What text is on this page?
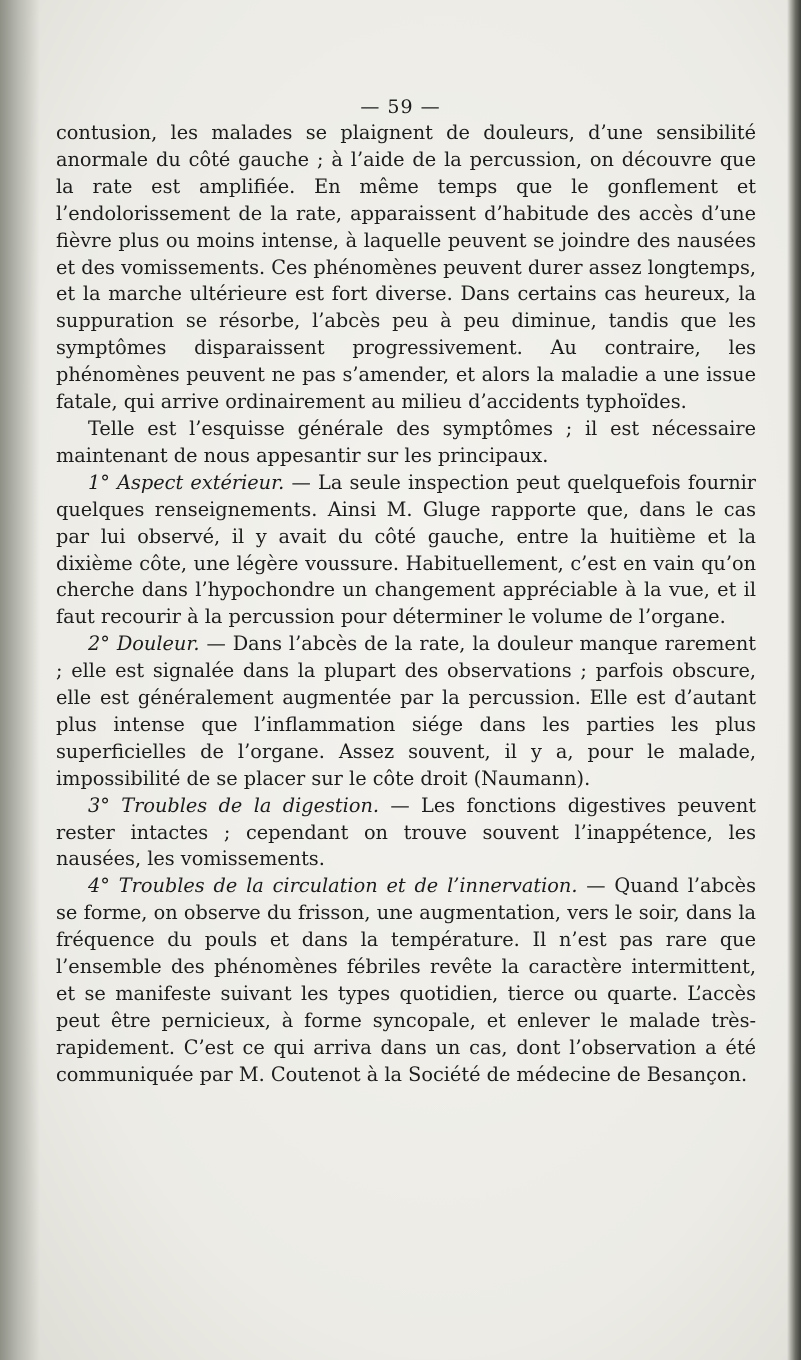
— 59 —

contusion, les malades se plaignent de douleurs, d’une sensibilité anormale du côté gauche ; à l’aide de la percussion, on découvre que la rate est amplifiée. En même temps que le gonflement et l’endolorissement de la rate, apparaissent d’habitude des accès d’une fièvre plus ou moins intense, à laquelle peuvent se joindre des nausées et des vomissements. Ces phénomènes peuvent durer assez longtemps, et la marche ultérieure est fort diverse. Dans certains cas heureux, la suppuration se résorbe, l’abcès peu à peu diminue, tandis que les symptômes disparaissent progressivement. Au contraire, les phénomènes peuvent ne pas s’amender, et alors la maladie a une issue fatale, qui arrive ordinairement au milieu d’accidents typhoïdes.

Telle est l’esquisse générale des symptômes ; il est nécessaire maintenant de nous appesantir sur les principaux.

1° Aspect extérieur. — La seule inspection peut quelquefois fournir quelques renseignements. Ainsi M. Gluge rapporte que, dans le cas par lui observé, il y avait du côté gauche, entre la huitième et la dixième côte, une légère voussure. Habituellement, c’est en vain qu’on cherche dans l’hypochondre un changement appréciable à la vue, et il faut recourir à la percussion pour déterminer le volume de l’organe.

2° Douleur. — Dans l’abcès de la rate, la douleur manque rarement ; elle est signalée dans la plupart des observations ; parfois obscure, elle est généralement augmentée par la percussion. Elle est d’autant plus intense que l’inflammation siége dans les parties les plus superficielles de l’organe. Assez souvent, il y a, pour le malade, impossibilité de se placer sur le côte droit (Naumann).

3° Troubles de la digestion. — Les fonctions digestives peuvent rester intactes ; cependant on trouve souvent l’inappétence, les nausées, les vomissements.

4° Troubles de la circulation et de l’innervation. — Quand l’abcès se forme, on observe du frisson, une augmentation, vers le soir, dans la fréquence du pouls et dans la température. Il n’est pas rare que l’ensemble des phénomènes fébriles revête la caractère intermittent, et se manifeste suivant les types quotidien, tierce ou quarte. L’accès peut être pernicieux, à forme syncopale, et enlever le malade très-rapidement. C’est ce qui arriva dans un cas, dont l’observation a été communiquée par M. Coutenot à la Société de médecine de Besançon.
